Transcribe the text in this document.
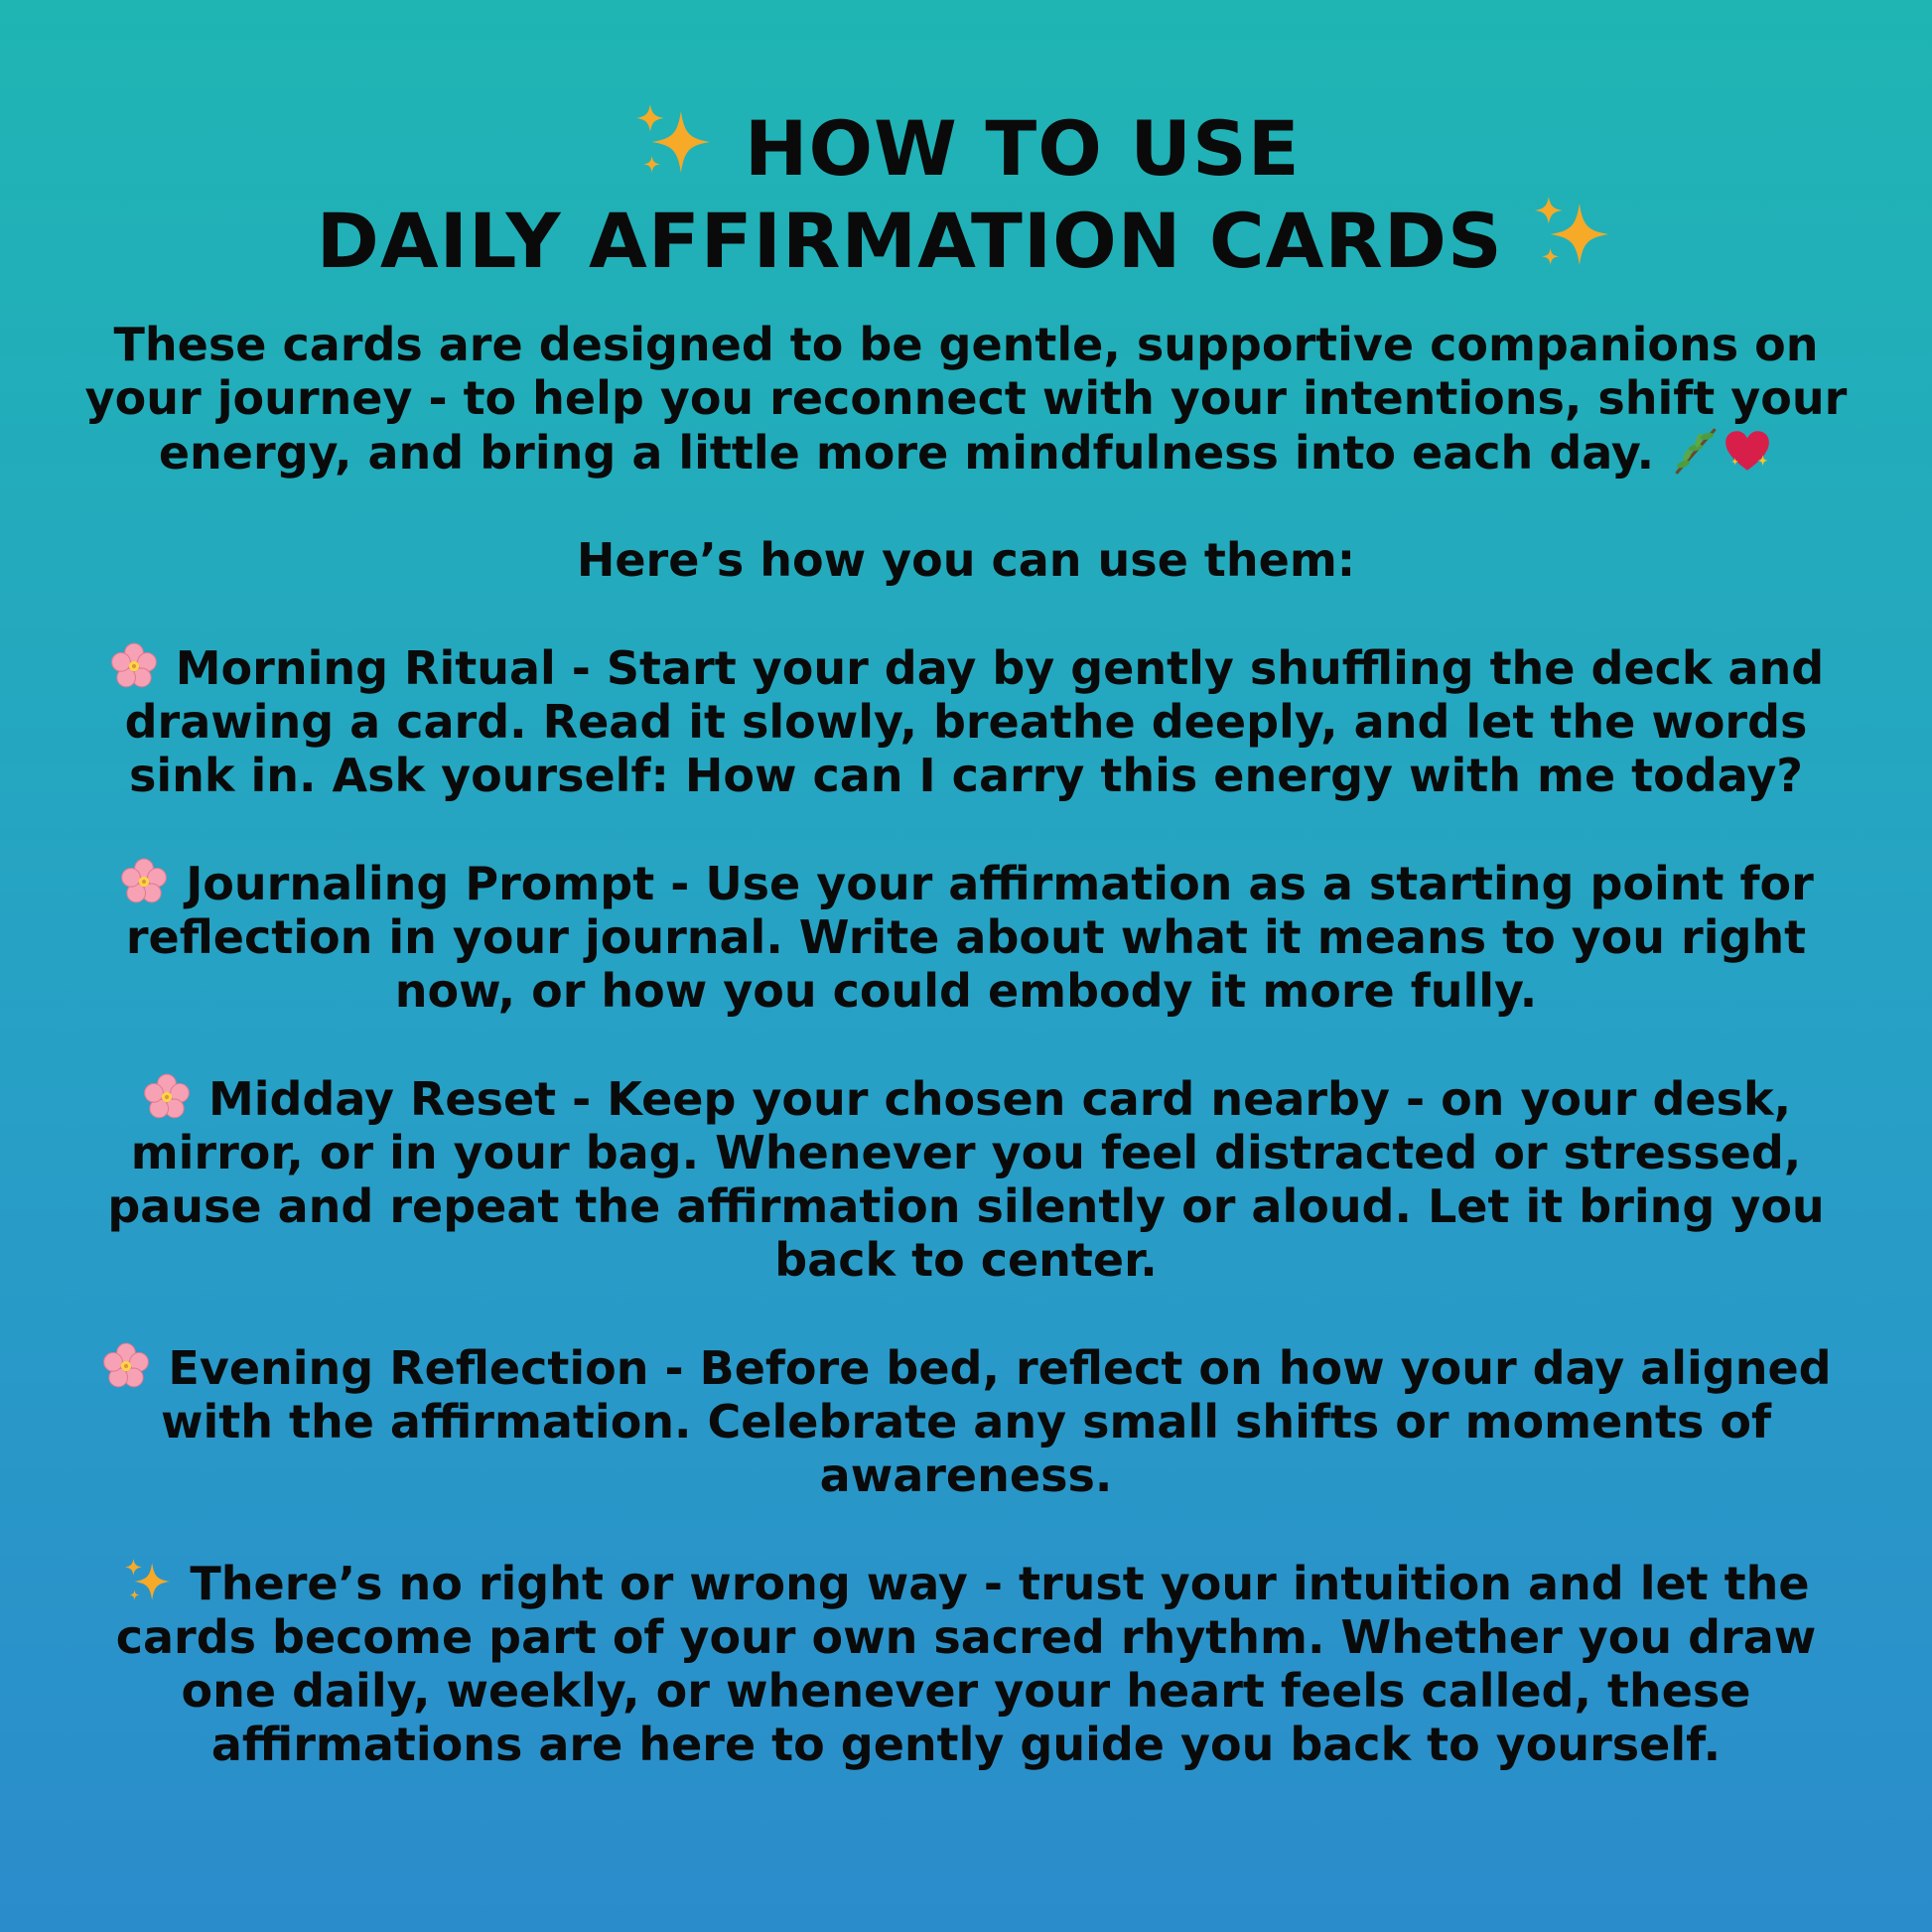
HOW TO USE
DAILY AFFIRMATION CARDS

These cards are designed to be gentle, supportive companions on
your journey - to help you reconnect with your intentions, shift your
energy, and bring a little more mindfulness into each day.

Here’s how you can use them:

Morning Ritual - Start your day by gently shuffling the deck and drawing a card. Read it slowly, breathe deeply, and let the words sink in. Ask yourself: How can I carry this energy with me today?

Journaling Prompt - Use your affirmation as a starting point for reflection in your journal. Write about what it means to you right now, or how you could embody it more fully.

Midday Reset - Keep your chosen card nearby - on your desk, mirror, or in your bag. Whenever you feel distracted or stressed, pause and repeat the affirmation silently or aloud. Let it bring you back to center.

Evening Reflection - Before bed, reflect on how your day aligned with the affirmation. Celebrate any small shifts or moments of awareness.

There’s no right or wrong way - trust your intuition and let the cards become part of your own sacred rhythm. Whether you draw one daily, weekly, or whenever your heart feels called, these affirmations are here to gently guide you back to yourself.
